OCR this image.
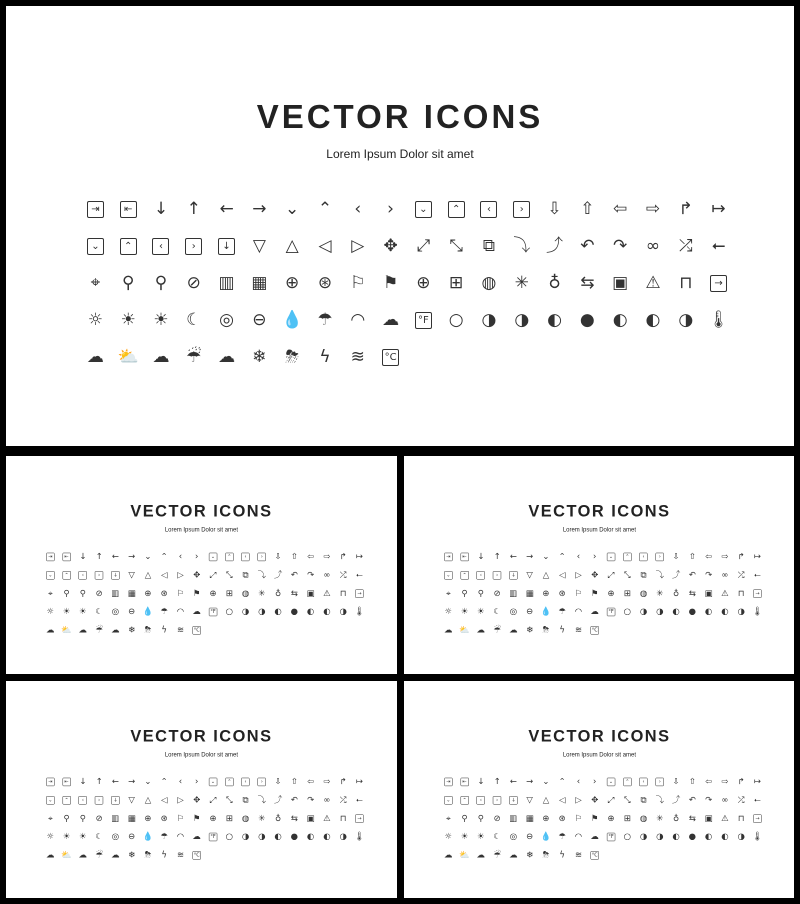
VECTOR ICONS
Lorem Ipsum Dolor sit amet
⇥	⇤	↓	↑	←	→	⌄	⌃	‹	›	⌄	⌃	‹	›	⇩	⇧	⇦	⇨	↱	↦
⌄	⌃	‹	›	↓	▽	△	◁	▷	✥	⤢	⤡	⧉	⤵ ⤴	↶	↷	∞	⤮	⭠
⌖	⚲	⚲	⊘	▥ ▦	⊕	⊛	⚐	⚑	⊕	⊞	◍	✳	♁	⇆	▣	⚠	⊓	→
☼	☀	☀	☾	◎	⊖ 💧 ☂	◠ ☁	°F	○	◑	◑	◐	●	◐	◐	◑ 🌡
☁ ⛅ ☁ ☔ ☁	❄	⛈	ϟ	≋	°C
VECTOR ICONS
Lorem Ipsum Dolor sit amet
⇥ ⇤ ↓ ↑ ← → ⌄ ⌃ ‹ ›	⌄ ⌃	‹	› ⇩ ⇧ ⇦ ⇨ ↱ ↦
⌄ ⌃	‹	›	↓ ▽ △ ◁ ▷ ✥ ⤢ ⤡ ⧉ ⤵ ⤴ ↶ ↷ ∞ ⤮ ⭠
⌖ ⚲ ⚲ ⊘ ▥ ▦ ⊕ ⊛ ⚐ ⚑ ⊕ ⊞ ◍ ✳ ♁ ⇆ ▣ ⚠ ⊓	→
☼ ☀ ☀ ☾ ◎ ⊖ 💧 ☂ ◠ ☁ °F ○ ◑ ◑ ◐ ● ◐ ◐ ◑ 🌡
☁ ⛅ ☁ ☔ ☁ ❄ ⛈ ϟ ≋ °C
VECTOR ICONS
Lorem Ipsum Dolor sit amet
⇥ ⇤ ↓ ↑ ← → ⌄ ⌃ ‹ ›	⌄ ⌃	‹	› ⇩ ⇧ ⇦ ⇨ ↱ ↦
⌄ ⌃	‹	›	↓ ▽ △ ◁ ▷ ✥ ⤢ ⤡ ⧉ ⤵ ⤴ ↶ ↷ ∞ ⤮ ⭠
⌖ ⚲ ⚲ ⊘ ▥ ▦ ⊕ ⊛ ⚐ ⚑ ⊕ ⊞ ◍ ✳ ♁ ⇆ ▣ ⚠ ⊓	→
☼ ☀ ☀ ☾ ◎ ⊖ 💧 ☂ ◠ ☁ °F ○ ◑ ◑ ◐ ● ◐ ◐ ◑ 🌡
☁ ⛅ ☁ ☔ ☁ ❄ ⛈ ϟ ≋ °C
VECTOR ICONS
Lorem Ipsum Dolor sit amet
⇥ ⇤ ↓ ↑ ← → ⌄ ⌃ ‹ ›	⌄ ⌃	‹	› ⇩ ⇧ ⇦ ⇨ ↱ ↦
⌄ ⌃	‹	›	↓ ▽ △ ◁ ▷ ✥ ⤢ ⤡ ⧉ ⤵ ⤴ ↶ ↷ ∞ ⤮ ⭠
⌖ ⚲ ⚲ ⊘ ▥ ▦ ⊕ ⊛ ⚐ ⚑ ⊕ ⊞ ◍ ✳ ♁ ⇆ ▣ ⚠ ⊓	→
☼ ☀ ☀ ☾ ◎ ⊖ 💧 ☂ ◠ ☁ °F ○ ◑ ◑ ◐ ● ◐ ◐ ◑ 🌡
☁ ⛅ ☁ ☔ ☁ ❄ ⛈ ϟ ≋ °C
VECTOR ICONS
Lorem Ipsum Dolor sit amet
⇥ ⇤ ↓ ↑ ← → ⌄ ⌃ ‹ ›	⌄ ⌃	‹	› ⇩ ⇧ ⇦ ⇨ ↱ ↦
⌄ ⌃	‹	›	↓ ▽ △ ◁ ▷ ✥ ⤢ ⤡ ⧉ ⤵ ⤴ ↶ ↷ ∞ ⤮ ⭠
⌖ ⚲ ⚲ ⊘ ▥ ▦ ⊕ ⊛ ⚐ ⚑ ⊕ ⊞ ◍ ✳ ♁ ⇆ ▣ ⚠ ⊓	→
☼ ☀ ☀ ☾ ◎ ⊖ 💧 ☂ ◠ ☁ °F ○ ◑ ◑ ◐ ● ◐ ◐ ◑ 🌡
☁ ⛅ ☁ ☔ ☁ ❄ ⛈ ϟ ≋ °C
